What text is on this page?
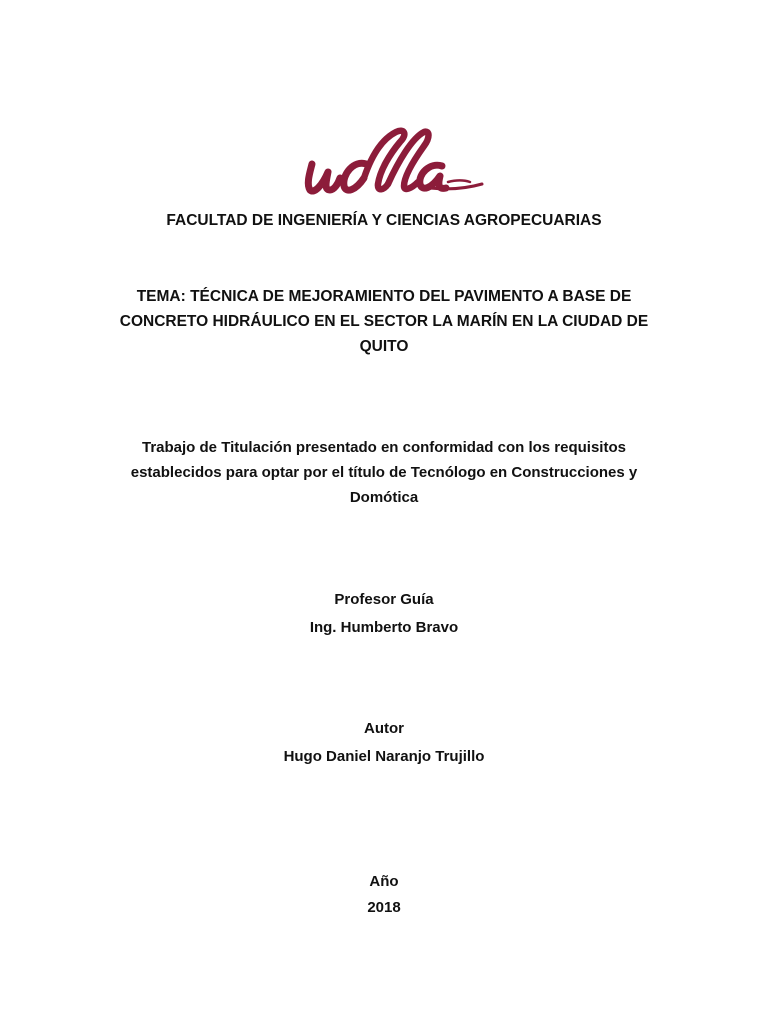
FACULTAD DE INGENIERÍA Y CIENCIAS AGROPECUARIAS
TEMA: TÉCNICA DE MEJORAMIENTO DEL PAVIMENTO A BASE DE
CONCRETO HIDRÁULICO EN EL SECTOR LA MARÍN EN LA CIUDAD DE
QUITO
Trabajo de Titulación presentado en conformidad con los requisitos
establecidos para optar por el título de Tecnólogo en Construcciones y
Domótica
Profesor Guía
Ing. Humberto Bravo
Autor
Hugo Daniel Naranjo Trujillo
Año
2018
